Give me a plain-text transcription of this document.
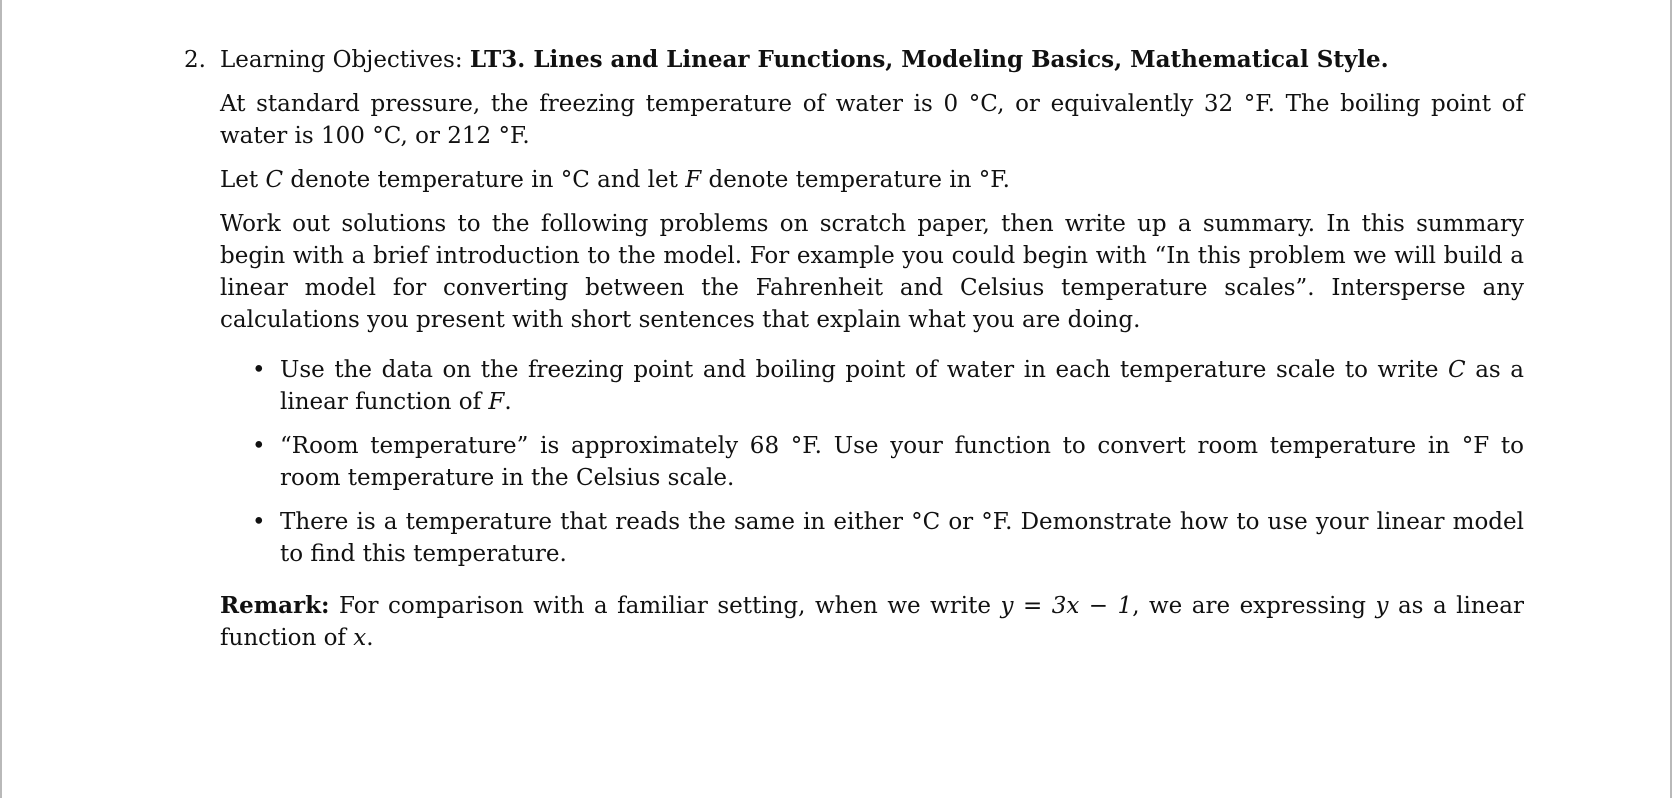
2. Learning Objectives: LT3. Lines and Linear Functions, Modeling Basics, Mathematical Style.

At standard pressure, the freezing temperature of water is 0 °C, or equivalently 32 °F. The boiling point of water is 100 °C, or 212 °F.

Let C denote temperature in °C and let F denote temperature in °F.

Work out solutions to the following problems on scratch paper, then write up a summary. In this summary begin with a brief introduction to the model. For example you could begin with “In this problem we will build a linear model for converting between the Fahrenheit and Celsius temperature scales”. Intersperse any calculations you present with short sentences that explain what you are doing.

• Use the data on the freezing point and boiling point of water in each temperature scale to write C as a linear function of F.
• “Room temperature” is approximately 68 °F. Use your function to convert room temperature in °F to room temperature in the Celsius scale.
• There is a temperature that reads the same in either °C or °F. Demonstrate how to use your linear model to find this temperature.

Remark: For comparison with a familiar setting, when we write y = 3x − 1, we are expressing y as a linear function of x.
